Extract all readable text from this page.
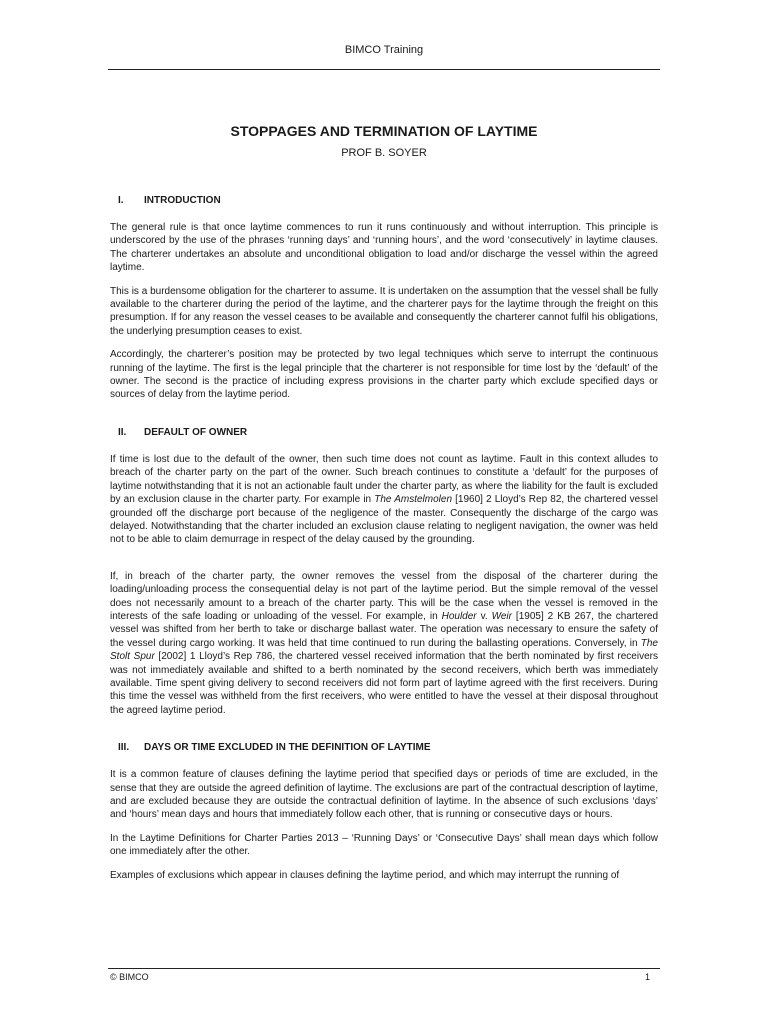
BIMCO Training
STOPPAGES AND TERMINATION OF LAYTIME
PROF B. SOYER
I. INTRODUCTION

The general rule is that once laytime commences to run it runs continuously and without interruption. This principle is underscored by the use of the phrases ‘running days’ and ‘running hours’, and the word ‘consecutively’ in laytime clauses. The charterer undertakes an absolute and unconditional obligation to load and/or discharge the vessel within the agreed laytime.

This is a burdensome obligation for the charterer to assume. It is undertaken on the assumption that the vessel shall be fully available to the charterer during the period of the laytime, and the charterer pays for the laytime through the freight on this presumption. If for any reason the vessel ceases to be available and consequently the charterer cannot fulfil his obligations, the underlying presumption ceases to exist.

Accordingly, the charterer’s position may be protected by two legal techniques which serve to interrupt the continuous running of the laytime. The first is the legal principle that the charterer is not responsible for time lost by the ‘default’ of the owner. The second is the practice of including express provisions in the charter party which exclude specified days or sources of delay from the laytime period.

II. DEFAULT OF OWNER

If time is lost due to the default of the owner, then such time does not count as laytime. Fault in this context alludes to breach of the charter party on the part of the owner. Such breach continues to constitute a ‘default’ for the purposes of laytime notwithstanding that it is not an actionable fault under the charter party, as where the liability for the fault is excluded by an exclusion clause in the charter party. For example in The Amstelmolen [1960] 2 Lloyd’s Rep 82, the chartered vessel grounded off the discharge port because of the negligence of the master. Consequently the discharge of the cargo was delayed. Notwithstanding that the charter included an exclusion clause relating to negligent navigation, the owner was held not to be able to claim demurrage in respect of the delay caused by the grounding.

If, in breach of the charter party, the owner removes the vessel from the disposal of the charterer during the loading/unloading process the consequential delay is not part of the laytime period. But the simple removal of the vessel does not necessarily amount to a breach of the charter party. This will be the case when the vessel is removed in the interests of the safe loading or unloading of the vessel. For example, in Houlder v. Weir [1905] 2 KB 267, the chartered vessel was shifted from her berth to take or discharge ballast water. The operation was necessary to ensure the safety of the vessel during cargo working. It was held that time continued to run during the ballasting operations. Conversely, in The Stolt Spur [2002] 1 Lloyd’s Rep 786, the chartered vessel received information that the berth nominated by first receivers was not immediately available and shifted to a berth nominated by the second receivers, which berth was immediately available. Time spent giving delivery to second receivers did not form part of laytime agreed with the first receivers. During this time the vessel was withheld from the first receivers, who were entitled to have the vessel at their disposal throughout the agreed laytime period.

III. DAYS OR TIME EXCLUDED IN THE DEFINITION OF LAYTIME

It is a common feature of clauses defining the laytime period that specified days or periods of time are excluded, in the sense that they are outside the agreed definition of laytime. The exclusions are part of the contractual description of laytime, and are excluded because they are outside the contractual definition of laytime. In the absence of such exclusions ‘days’ and ‘hours’ mean days and hours that immediately follow each other, that is running or consecutive days or hours.

In the Laytime Definitions for Charter Parties 2013 – ‘Running Days’ or ‘Consecutive Days’ shall mean days which follow one immediately after the other.

Examples of exclusions which appear in clauses defining the laytime period, and which may interrupt the running of

© BIMCO	1
